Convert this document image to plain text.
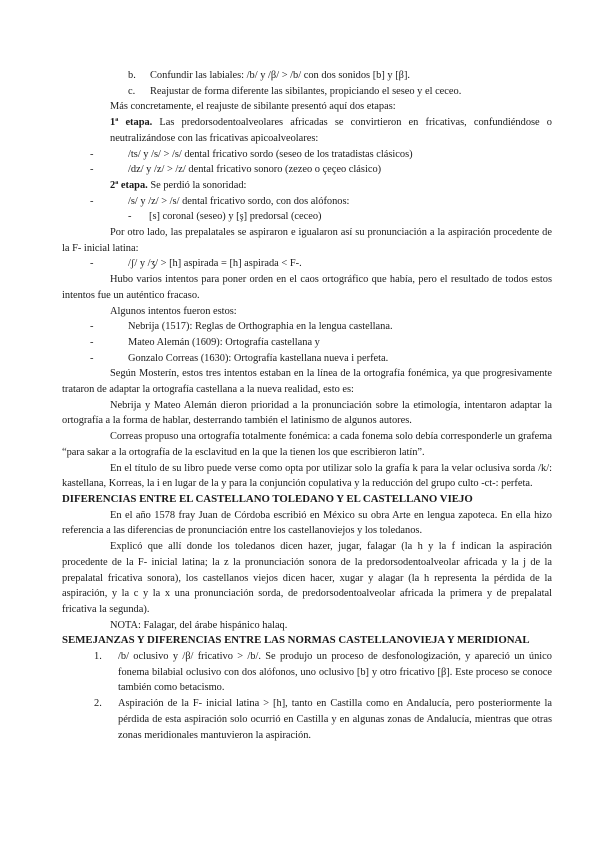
b.	Confundir las labiales: /b/ y /β/ > /b/ con dos sonidos [b] y [β].
c.	Reajustar de forma diferente las sibilantes, propiciando el seseo y el ceceo.

Más concretamente, el reajuste de sibilante presentó aquí dos etapas:

1ª etapa. Las predorsodentoalveolares africadas se convirtieron en fricativas, confundiéndose o neutralizándose con las fricativas apicoalveolares:

-	/ts/ y /s/ > /s/ dental fricativo sordo (seseo de los tratadistas clásicos)
-	/dz/ y /z/ > /z/ dental fricativo sonoro (zezeo o çeçeo clásico)

2ª etapa. Se perdió la sonoridad:

-	/s/ y /z/ > /s/ dental fricativo sordo, con dos alófonos:
-	[s] coronal (seseo) y [ş] predorsal (ceceo)

Por otro lado, las prepalatales se aspiraron e igualaron así su pronunciación a la aspiración procedente de la F- inicial latina:

-	/ʃ/ y /ʒ/ > [h] aspirada = [h] aspirada < F-.

Hubo varios intentos para poner orden en el caos ortográfico que había, pero el resultado de todos estos intentos fue un auténtico fracaso.

Algunos intentos fueron estos:

-	Nebrija (1517): Reglas de Orthographia en la lengua castellana.
-	Mateo Alemán (1609): Ortografía castellana y
-	Gonzalo Correas (1630): Ortografía kastellana nueva i perfeta.

Según Mosterín, estos tres intentos estaban en la línea de la ortografía fonémica, ya que progresivamente trataron de adaptar la ortografía castellana a la nueva realidad, esto es:

Nebrija y Mateo Alemán dieron prioridad a la pronunciación sobre la etimología, intentaron adaptar la ortografía a la forma de hablar, desterrando también el latinismo de algunos autores.

Correas propuso una ortografía totalmente fonémica: a cada fonema solo debía corresponderle un grafema “para sakar a la ortografía de la esclavitud en la que la tienen los que escribieron latín”.

En el título de su libro puede verse como opta por utilizar solo la grafía k para la velar oclusiva sorda /k/: kastellana, Korreas, la i en lugar de la y para la conjunción copulativa y la reducción del grupo culto -ct-: perfeta.

DIFERENCIAS ENTRE EL CASTELLANO TOLEDANO Y EL CASTELLANO VIEJO

En el año 1578 fray Juan de Córdoba escribió en México su obra Arte en lengua zapoteca. En ella hizo referencia a las diferencias de pronunciación entre los castellanoviejos y los toledanos.

Explicó que allí donde los toledanos dicen hazer, jugar, falagar (la h y la f indican la aspiración procedente de la F- inicial latina; la z la pronunciación sonora de la predorsodentoalveolar africada y la j de la prepalatal fricativa sonora), los castellanos viejos dicen hacer, xugar y alagar (la h representa la pérdida de la aspiración, y la c y la x una pronunciación sorda, de predorsodentoalveolar africada la primera y de prepalatal fricativa la segunda).

NOTA: Falagar, del árabe hispánico halaq.

SEMEJANZAS Y DIFERENCIAS ENTRE LAS NORMAS CASTELLANOVIEJA Y MERIDIONAL

1.	/b/ oclusivo y /β/ fricativo > /b/. Se produjo un proceso de desfonologización, y apareció un único fonema bilabial oclusivo con dos alófonos, uno oclusivo [b] y otro fricativo [β]. Este proceso se conoce también como betacismo.
2.	Aspiración de la F- inicial latina > [h], tanto en Castilla como en Andalucía, pero posteriormente la pérdida de esta aspiración solo ocurrió en Castilla y en algunas zonas de Andalucía, mientras que otras zonas meridionales mantuvieron la aspiración.
